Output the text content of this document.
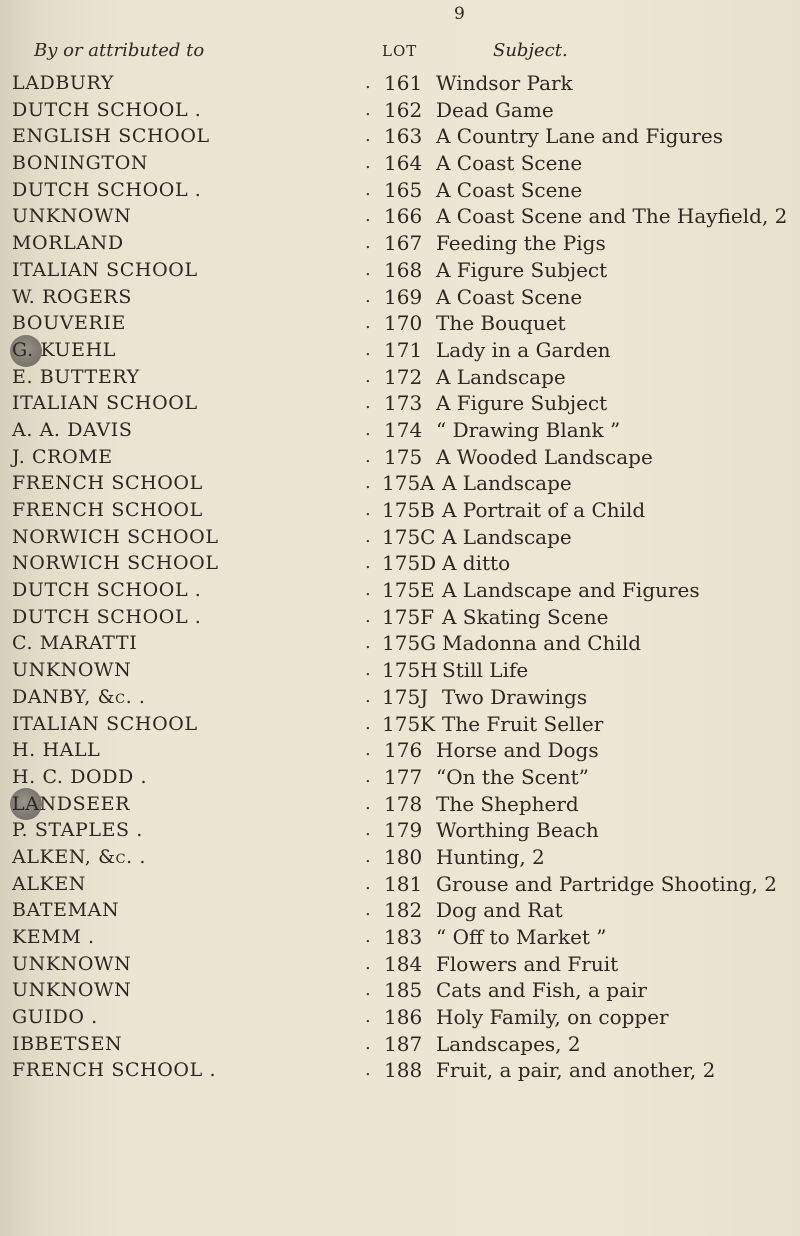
9
By or attributed to	LOT	Subject.
LADBURY	. 161 Windsor Park
DUTCH SCHOOL .	. 162 Dead Game
ENGLISH SCHOOL	. 163 A Country Lane and Figures
BONINGTON	. 164 A Coast Scene
DUTCH SCHOOL .	. 165 A Coast Scene
UNKNOWN	. 166 A Coast Scene and The Hayfield, 2
MORLAND	. 167 Feeding the Pigs
ITALIAN SCHOOL	. 168 A Figure Subject
W. ROGERS	. 169 A Coast Scene
BOUVERIE	. 170 The Bouquet
G. KUEHL	. 171 Lady in a Garden
E. BUTTERY	. 172 A Landscape
ITALIAN SCHOOL	. 173 A Figure Subject
A. A. DAVIS	. 174 “ Drawing Blank ”
J. CROME	. 175 A Wooded Landscape
FRENCH SCHOOL	. 175A A Landscape
FRENCH SCHOOL	. 175B A Portrait of a Child
NORWICH SCHOOL	. 175C A Landscape
NORWICH SCHOOL	. 175D A ditto
DUTCH SCHOOL .	. 175E A Landscape and Figures
DUTCH SCHOOL .	. 175F A Skating Scene
C. MARATTI	. 175G Madonna and Child
UNKNOWN	. 175H Still Life
DANBY, &c. .	. 175J Two Drawings
ITALIAN SCHOOL	. 175K The Fruit Seller
H. HALL	. 176 Horse and Dogs
H. C. DODD .	. 177 “On the Scent”
LANDSEER	. 178 The Shepherd
P. STAPLES .	. 179 Worthing Beach
ALKEN, &c. .	. 180 Hunting, 2
ALKEN	. 181 Grouse and Partridge Shooting, 2
BATEMAN	. 182 Dog and Rat
KEMM .	. 183 “ Off to Market ”
UNKNOWN	. 184 Flowers and Fruit
UNKNOWN	. 185 Cats and Fish, a pair
GUIDO .	. 186 Holy Family, on copper
IBBETSEN	. 187 Landscapes, 2
FRENCH SCHOOL .	. 188 Fruit, a pair, and another, 2
